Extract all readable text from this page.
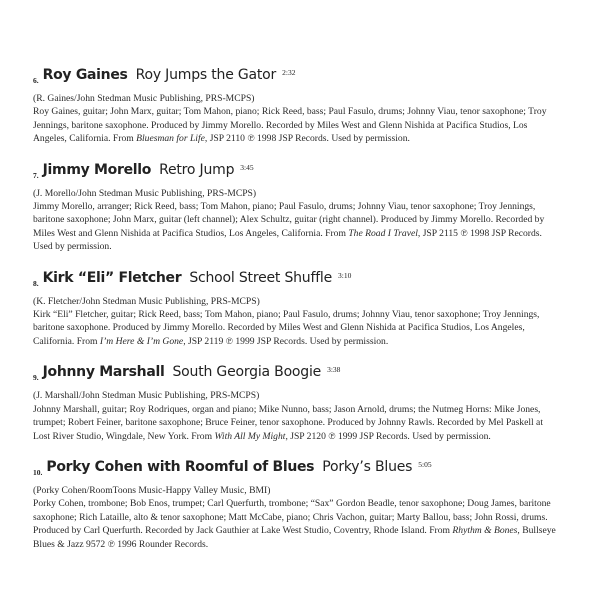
6. Roy Gaines Roy Jumps the Gator 2:32
(R. Gaines/John Stedman Music Publishing, PRS-MCPS)
Roy Gaines, guitar; John Marx, guitar; Tom Mahon, piano; Rick Reed, bass; Paul Fasulo, drums; Johnny Viau, tenor saxophone; Troy Jennings, baritone saxophone. Produced by Jimmy Morello. Recorded by Miles West and Glenn Nishida at Pacifica Studios, Los Angeles, California. From Bluesman for Life, JSP 2110 ℗ 1998 JSP Records. Used by permission.
7. Jimmy Morello Retro Jump 3:45
(J. Morello/John Stedman Music Publishing, PRS-MCPS)
Jimmy Morello, arranger; Rick Reed, bass; Tom Mahon, piano; Paul Fasulo, drums; Johnny Viau, tenor saxophone; Troy Jennings, baritone saxophone; John Marx, guitar (left channel); Alex Schultz, guitar (right channel). Produced by Jimmy Morello. Recorded by Miles West and Glenn Nishida at Pacifica Studios, Los Angeles, California. From The Road I Travel, JSP 2115 ℗ 1998 JSP Records. Used by permission.
8. Kirk “Eli” Fletcher School Street Shuffle 3:10
(K. Fletcher/John Stedman Music Publishing, PRS-MCPS)
Kirk “Eli” Fletcher, guitar; Rick Reed, bass; Tom Mahon, piano; Paul Fasulo, drums; Johnny Viau, tenor saxophone; Troy Jennings, baritone saxophone. Produced by Jimmy Morello. Recorded by Miles West and Glenn Nishida at Pacifica Studios, Los Angeles, California. From I’m Here & I’m Gone, JSP 2119 ℗ 1999 JSP Records. Used by permission.
9. Johnny Marshall South Georgia Boogie 3:38
(J. Marshall/John Stedman Music Publishing, PRS-MCPS)
Johnny Marshall, guitar; Roy Rodriques, organ and piano; Mike Nunno, bass; Jason Arnold, drums; the Nutmeg Horns: Mike Jones, trumpet; Robert Feiner, baritone saxophone; Bruce Feiner, tenor saxophone. Produced by Johnny Rawls. Recorded by Mel Paskell at Lost River Studio, Wingdale, New York. From With All My Might, JSP 2120 ℗ 1999 JSP Records. Used by permission.
10. Porky Cohen with Roomful of Blues Porky’s Blues 5:05
(Porky Cohen/RoomToons Music-Happy Valley Music, BMI)
Porky Cohen, trombone; Bob Enos, trumpet; Carl Querfurth, trombone; “Sax” Gordon Beadle, tenor saxophone; Doug James, baritone saxophone; Rich Lataille, alto & tenor saxophone; Matt McCabe, piano; Chris Vachon, guitar; Marty Ballou, bass; John Rossi, drums. Produced by Carl Querfurth. Recorded by Jack Gauthier at Lake West Studio, Coventry, Rhode Island. From Rhythm & Bones, Bullseye Blues & Jazz 9572 ℗ 1996 Rounder Records.
